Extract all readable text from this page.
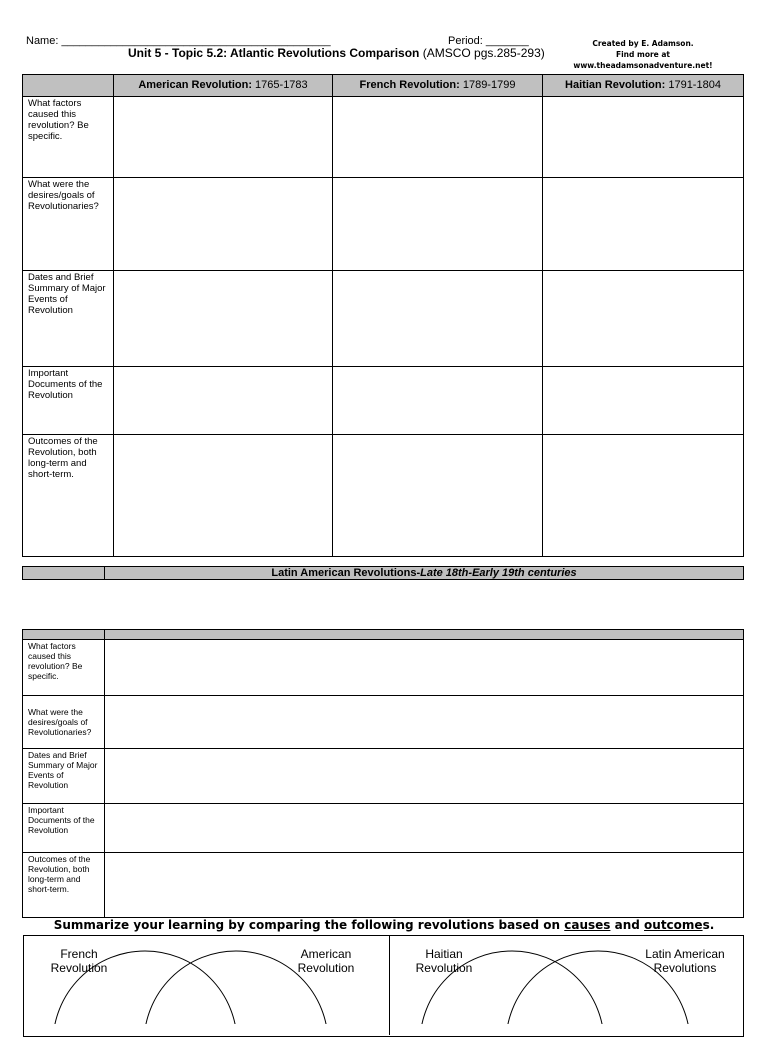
Name: ____________________________________________	Period: _______
Unit 5 - Topic 5.2: Atlantic Revolutions Comparison (AMSCO pgs.285-293)
Created by E. Adamson.
Find more at www.theadamsonadventure.net!
	American Revolution: 1765-1783	French Revolution: 1789-1799	Haitian Revolution: 1791-1804
What factors caused this revolution? Be specific.			
What were the desires/goals of Revolutionaries?			
Dates and Brief Summary of Major Events of Revolution			
Important Documents of the Revolution			
Outcomes of the Revolution, both long-term and short-term.			
	Latin American Revolutions-Late 18th-Early 19th centuries

What factors caused this revolution? Be specific.	
What were the desires/goals of Revolutionaries?	
Dates and Brief Summary of Major Events of Revolution	
Important Documents of the Revolution	
Outcomes of the Revolution, both long-term and short-term.	
Summarize your learning by comparing the following revolutions based on causes and outcomes.
French
Revolution
American
Revolution
Haitian
Revolution
Latin American
Revolutions
